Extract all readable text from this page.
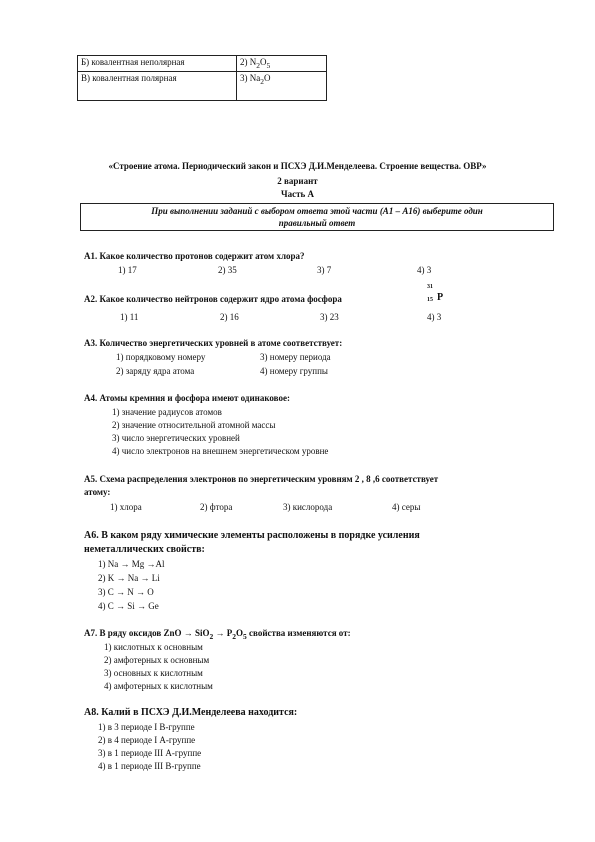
Б) ковалентная неполярная	2) $N_2O_5$
В) ковалентная полярная	3) $Na_2O$
«Строение атома. Периодический закон и ПСХЭ Д.И.Менделеева. Строение вещества. ОВР»
2 вариант
Часть А
При выполнении заданий с выбором ответа этой части (А1 – А16) выберите один
правильный ответ
А1. Какое количество протонов содержит атом хлора?
1) 17	2) 35	3) 7	4) 3
А2. Какое количество нейтронов содержит ядро атома фосфора
31
15 P
1) 11	2) 16	3) 23	4) 3
А3. Количество энергетических уровней в атоме соответствует:
1) порядковому номеру	3) номеру периода
2) заряду ядра атома	4) номеру группы
А4. Атомы кремния и фосфора имеют одинаковое:
1) значение радиусов атомов
2) значение относительной атомной массы
3) число энергетических уровней
4) число электронов на внешнем энергетическом уровне
А5. Схема распределения электронов по энергетическим уровням 2 , 8 ,6 соответствует
атому:
1) хлора	2) фтора	3) кислорода	4) серы
А6. В каком ряду химические элементы расположены в порядке усиления
неметаллических свойств:
1) Na → Mg →Al
2) K → Na → Li
3) C → N → O
4) C → Si → Ge
А7. В ряду оксидов ZnO → $SiO_2 \to P_2O_5$ свойства изменяются от:
1) кислотных к основным
2) амфотерных к основным
3) основных к кислотным
4) амфотерных к кислотным
А8. Калий в ПСХЭ Д.И.Менделеева находится:
1) в 3 периоде I В-группе
2) в 4 периоде I А-группе
3) в 1 периоде III А-группе
4) в 1 периоде III В-группе
